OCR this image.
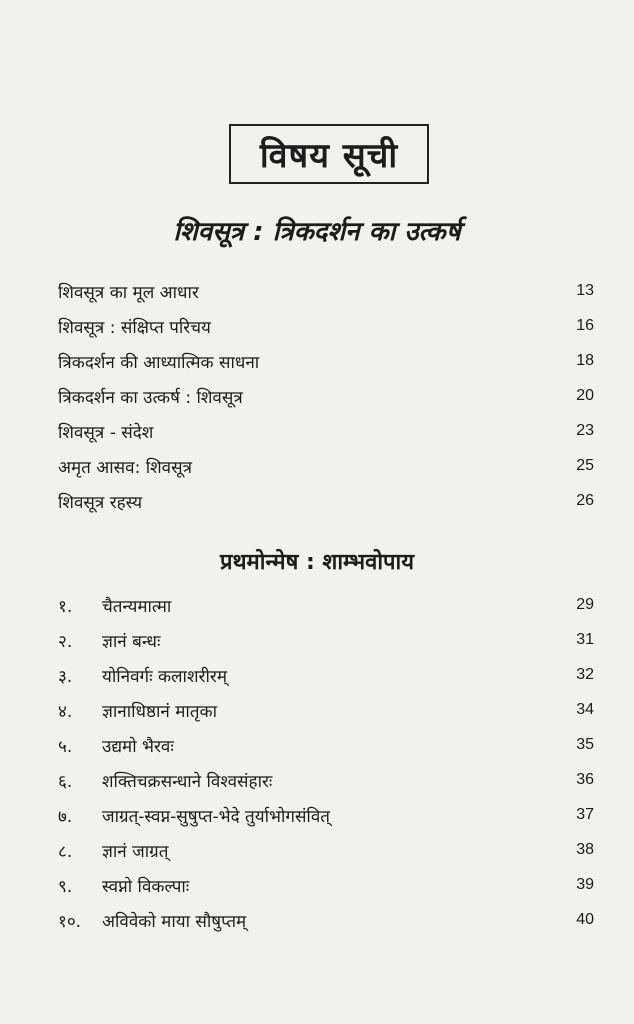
विषय सूची
शिवसूत्र : त्रिकदर्शन का उत्कर्ष
शिवसूत्र का मूल आधार	13
शिवसूत्र : संक्षिप्त परिचय	16
त्रिकदर्शन की आध्यात्मिक साधना	18
त्रिकदर्शन का उत्कर्ष : शिवसूत्र	20
शिवसूत्र - संदेश	23
अमृत आसव: शिवसूत्र	25
शिवसूत्र रहस्य	26
प्रथमोन्मेष : शाम्भवोपाय
१.	चैतन्यमात्मा	29
२.	ज्ञानं बन्धः	31
३.	योनिवर्गः कलाशरीरम्	32
४.	ज्ञानाधिष्ठानं मातृका	34
५.	उद्यमो भैरवः	35
६.	शक्तिचक्रसन्धाने विश्वसंहारः	36
७.	जाग्रत्-स्वप्न-सुषुप्त-भेदे तुर्याभोगसंवित्	37
८.	ज्ञानं जाग्रत्	38
९.	स्वप्नो विकल्पाः	39
१०.	अविवेको माया सौषुप्तम्	40
